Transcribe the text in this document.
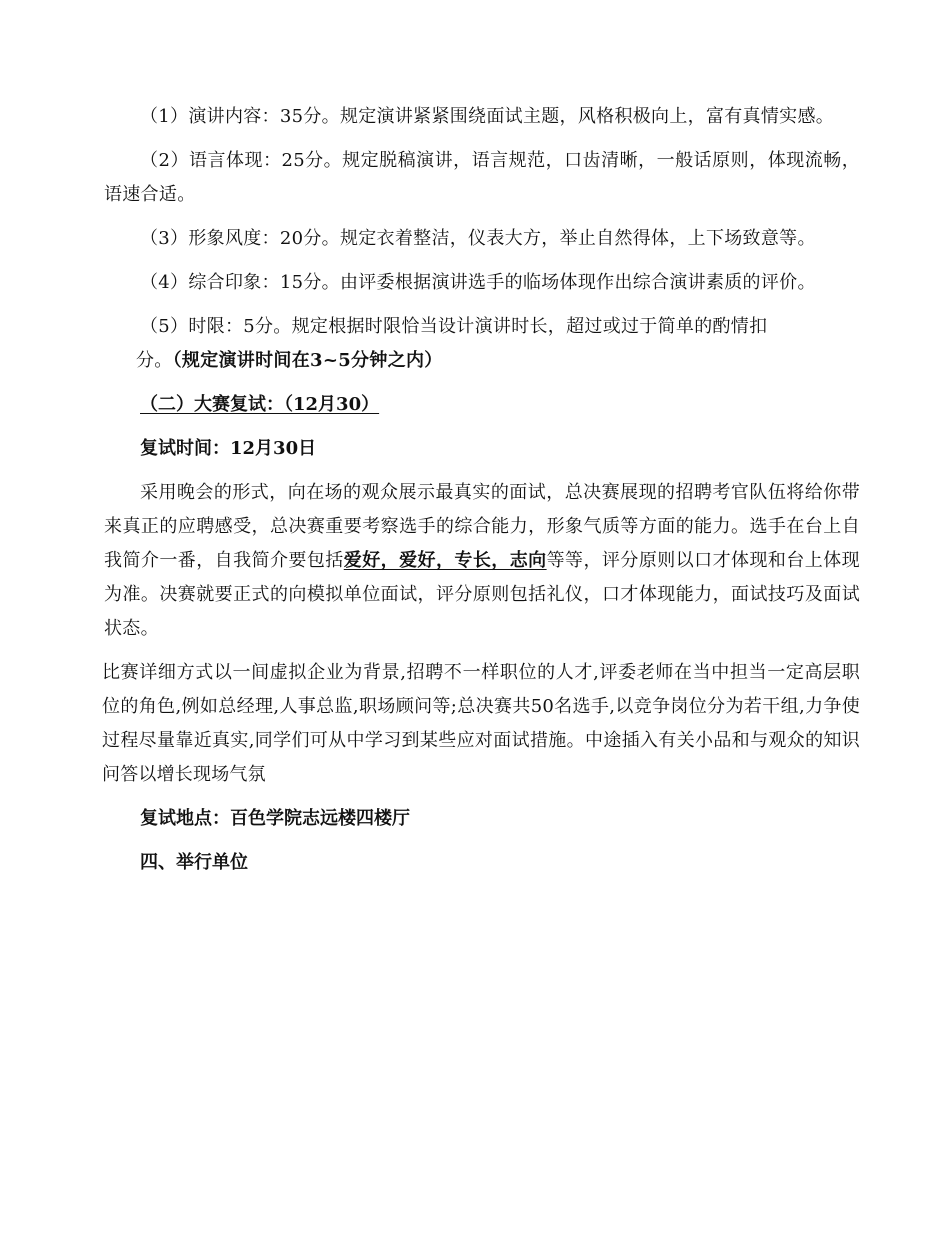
（1）演讲内容：35分。规定演讲紧紧围绕面试主题，风格积极向上，富有真情实感。

（2）语言体现：25分。规定脱稿演讲，语言规范，口齿清晰，一般话原则，体现流畅，语速合适。

（3）形象风度：20分。规定衣着整洁，仪表大方，举止自然得体，上下场致意等。

（4）综合印象：15分。由评委根据演讲选手的临场体现作出综合演讲素质的评价。

（5）时限：5分。规定根据时限恰当设计演讲时长，超过或过于简单的酌情扣

分。（规定演讲时间在3~5分钟之内）

（二）大赛复试：（12月30）

复试时间：12月30日

采用晚会的形式，向在场的观众展示最真实的面试，总决赛展现的招聘考官队伍将给你带来真正的应聘感受，总决赛重要考察选手的综合能力，形象气质等方面的能力。选手在台上自我简介一番，自我简介要包括爱好，爱好，专长，志向等等，评分原则以口才体现和台上体现为准。决赛就要正式的向模拟单位面试，评分原则包括礼仪，口才体现能力，面试技巧及面试状态。

比赛详细方式以一间虚拟企业为背景,招聘不一样职位的人才,评委老师在当中担当一定高层职位的角色,例如总经理,人事总监,职场顾问等;总决赛共50名选手,以竞争岗位分为若干组,力争使过程尽量靠近真实,同学们可从中学习到某些应对面试措施。中途插入有关小品和与观众的知识问答以增长现场气氛

复试地点：百色学院志远楼四楼厅

四、举行单位
